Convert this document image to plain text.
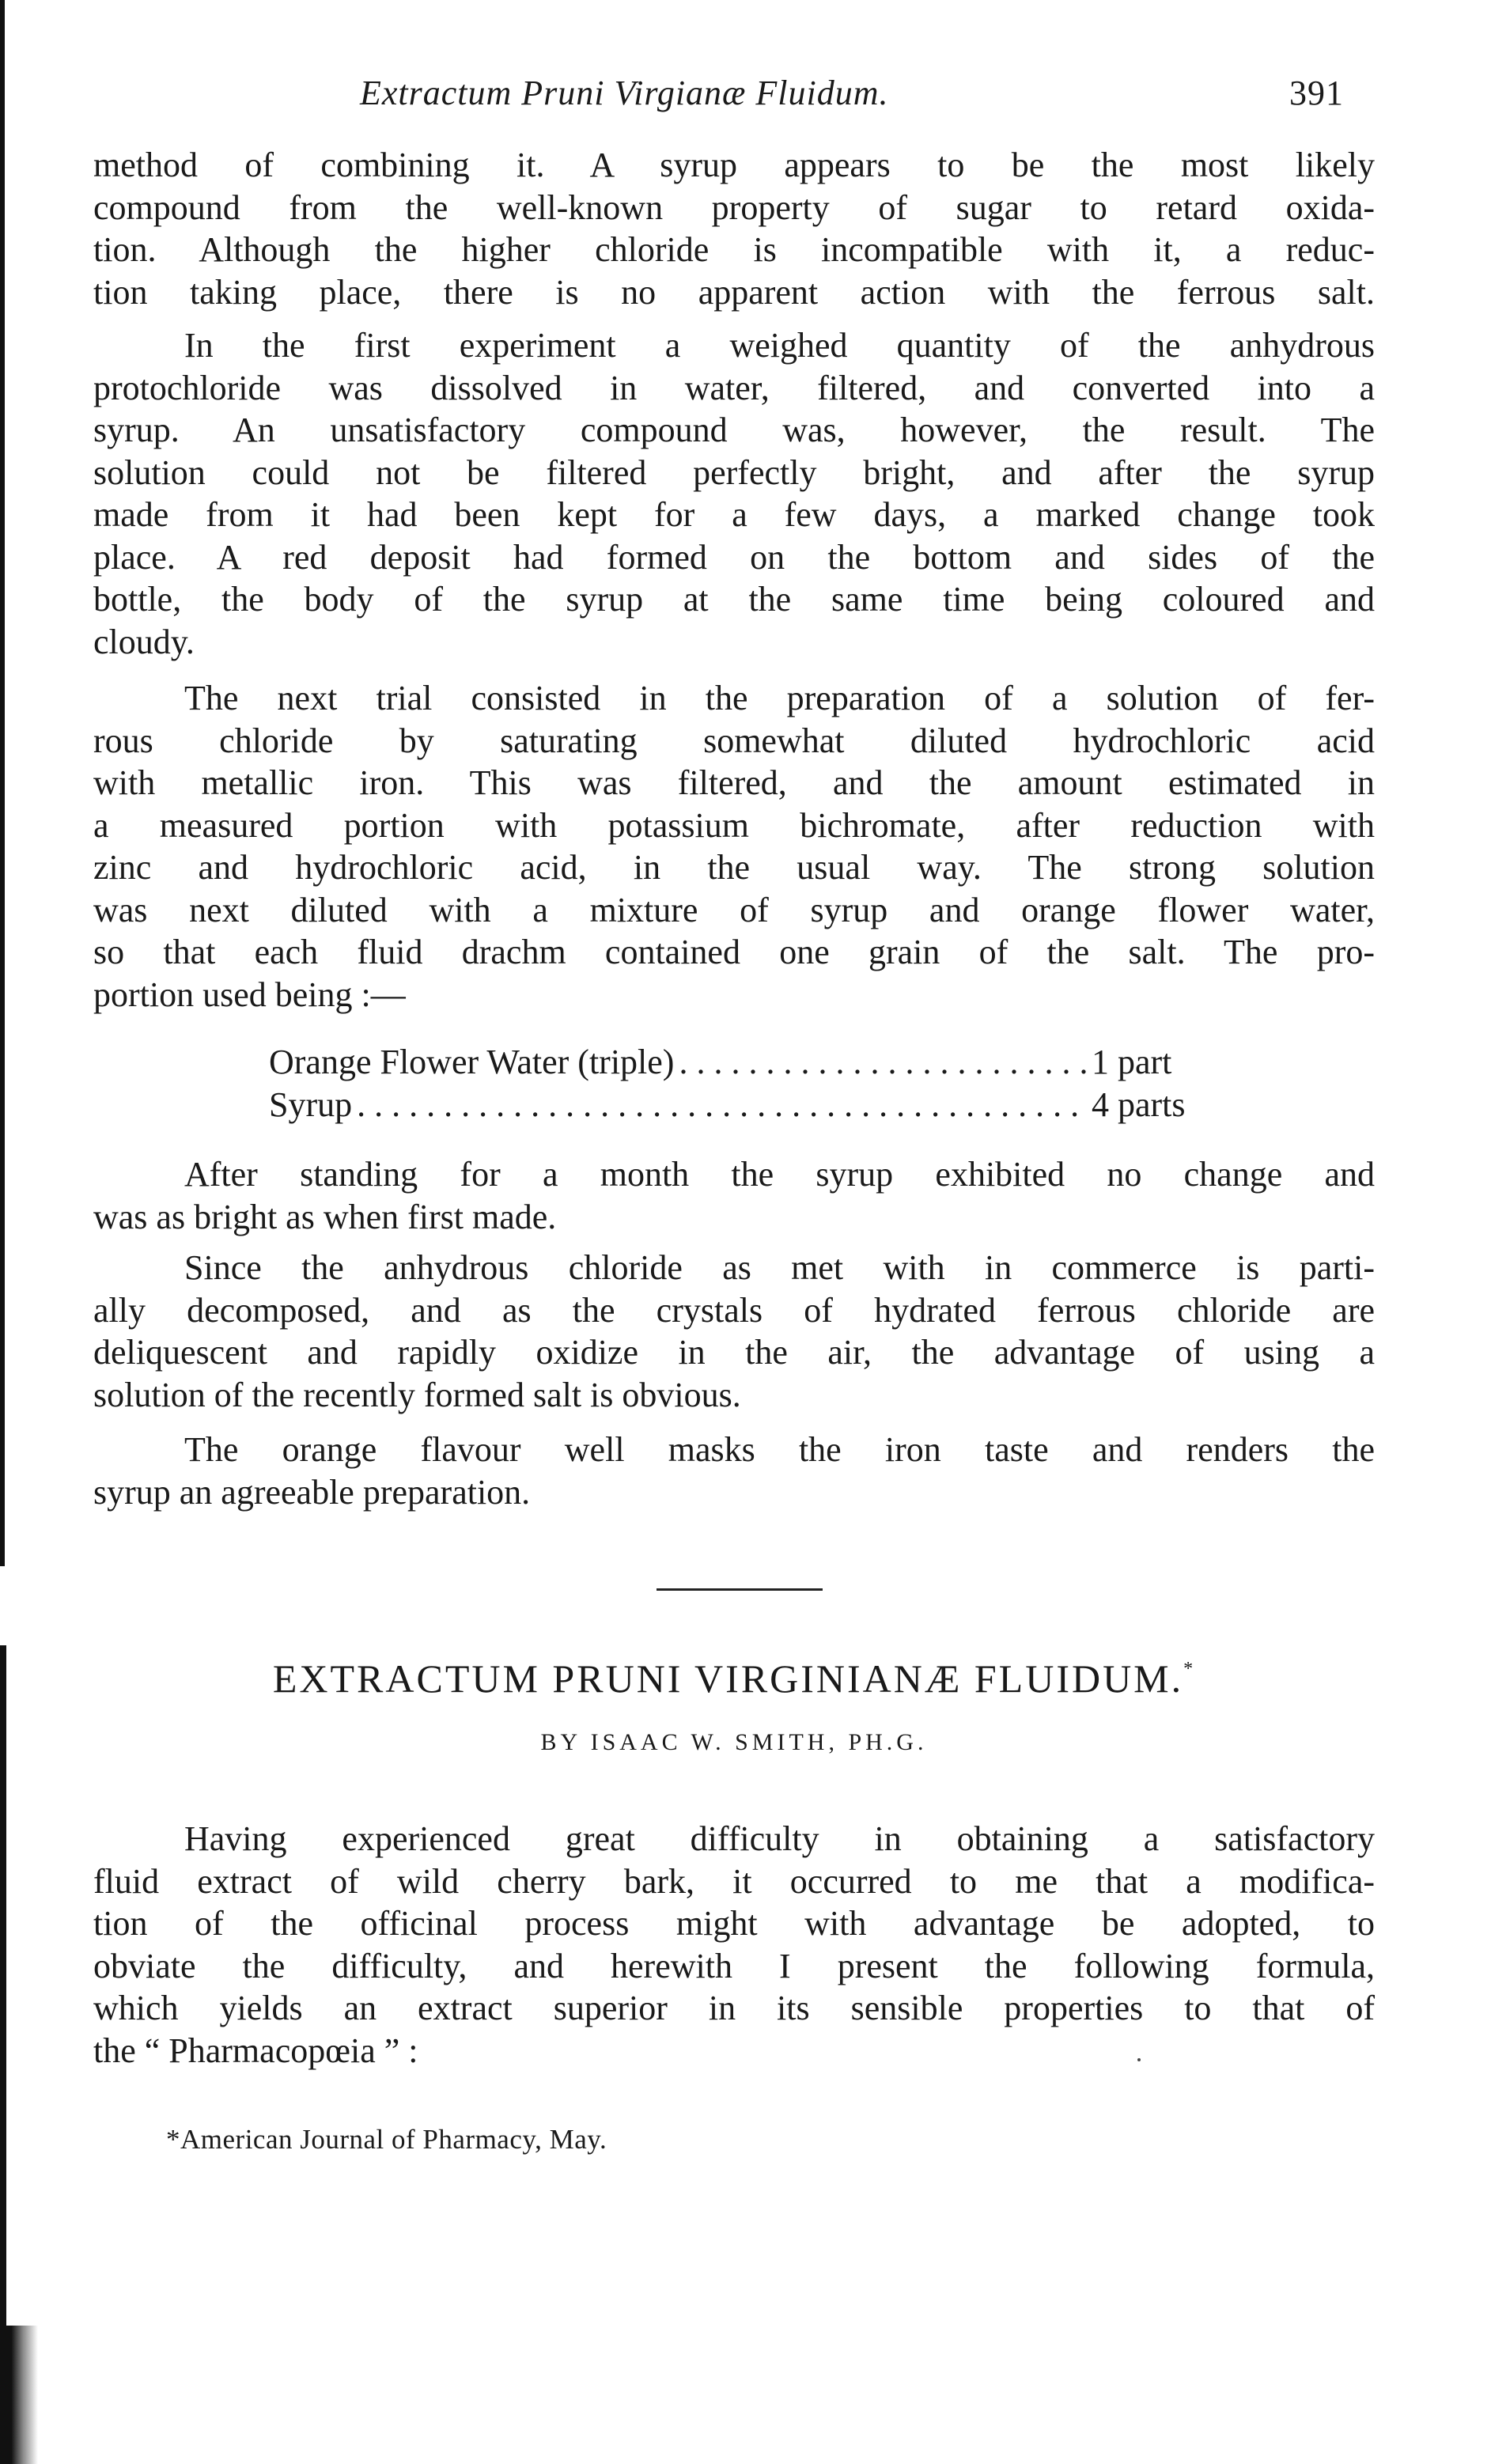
Extractum Pruni Virgianæ Fluidum.	391
method of combining it. A syrup appears to be the most likely
compound from the well-known property of sugar to retard oxida-
tion. Although the higher chloride is incompatible with it, a reduc-
tion taking place, there is no apparent action with the ferrous salt.
In the first experiment a weighed quantity of the anhydrous
protochloride was dissolved in water, filtered, and converted into a
syrup. An unsatisfactory compound was, however, the result. The
solution could not be filtered perfectly bright, and after the syrup
made from it had been kept for a few days, a marked change took
place. A red deposit had formed on the bottom and sides of the
bottle, the body of the syrup at the same time being coloured and
cloudy.
The next trial consisted in the preparation of a solution of fer-
rous chloride by saturating somewhat diluted hydrochloric acid
with metallic iron. This was filtered, and the amount estimated in
a measured portion with potassium bichromate, after reduction with
zinc and hydrochloric acid, in the usual way. The strong solution
was next diluted with a mixture of syrup and orange flower water,
so that each fluid drachm contained one grain of the salt. The pro-
portion used being :—
Orange Flower Water (triple) . . .	1 part
Syrup . . .	4 parts
After standing for a month the syrup exhibited no change and
was as bright as when first made.
Since the anhydrous chloride as met with in commerce is parti-
ally decomposed, and as the crystals of hydrated ferrous chloride are
deliquescent and rapidly oxidize in the air, the advantage of using a
solution of the recently formed salt is obvious.
The orange flavour well masks the iron taste and renders the
syrup an agreeable preparation.
EXTRACTUM PRUNI VIRGINIANÆ FLUIDUM.*
BY ISAAC W. SMITH, PH.G.
Having experienced great difficulty in obtaining a satisfactory
fluid extract of wild cherry bark, it occurred to me that a modifica-
tion of the officinal process might with advantage be adopted, to
obviate the difficulty, and herewith I present the following formula,
which yields an extract superior in its sensible properties to that of
the “ Pharmacopœia ” :
*American Journal of Pharmacy, May.
